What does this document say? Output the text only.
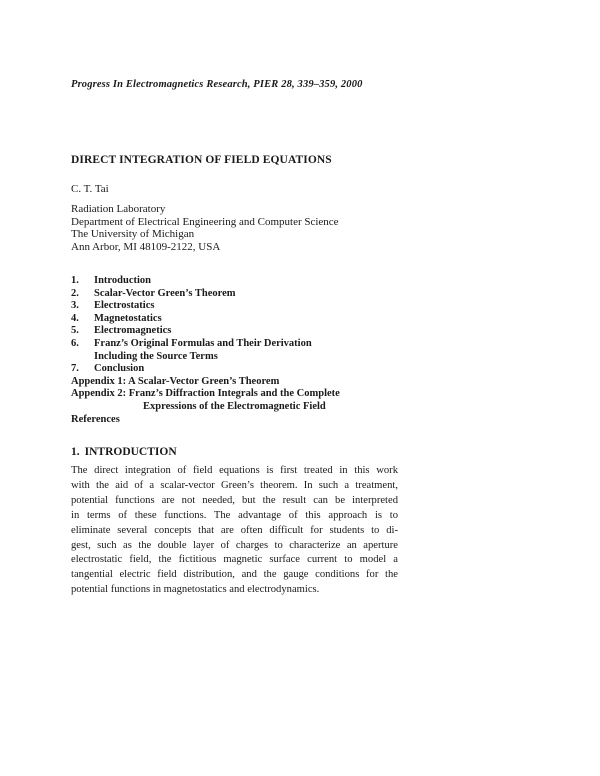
Progress In Electromagnetics Research, PIER 28, 339–359, 2000
DIRECT INTEGRATION OF FIELD EQUATIONS
C. T. Tai
Radiation Laboratory
Department of Electrical Engineering and Computer Science
The University of Michigan
Ann Arbor, MI 48109-2122, USA
1. Introduction
2. Scalar-Vector Green’s Theorem
3. Electrostatics
4. Magnetostatics
5. Electromagnetics
6. Franz’s Original Formulas and Their Derivation
Including the Source Terms
7. Conclusion
Appendix 1: A Scalar-Vector Green’s Theorem
Appendix 2: Franz’s Diffraction Integrals and the Complete
Expressions of the Electromagnetic Field
References
1. INTRODUCTION
The direct integration of field equations is first treated in this work
with the aid of a scalar-vector Green’s theorem. In such a treatment,
potential functions are not needed, but the result can be interpreted
in terms of these functions. The advantage of this approach is to
eliminate several concepts that are often difficult for students to di-
gest, such as the double layer of charges to characterize an aperture
electrostatic field, the fictitious magnetic surface current to model a
tangential electric field distribution, and the gauge conditions for the
potential functions in magnetostatics and electrodynamics.
